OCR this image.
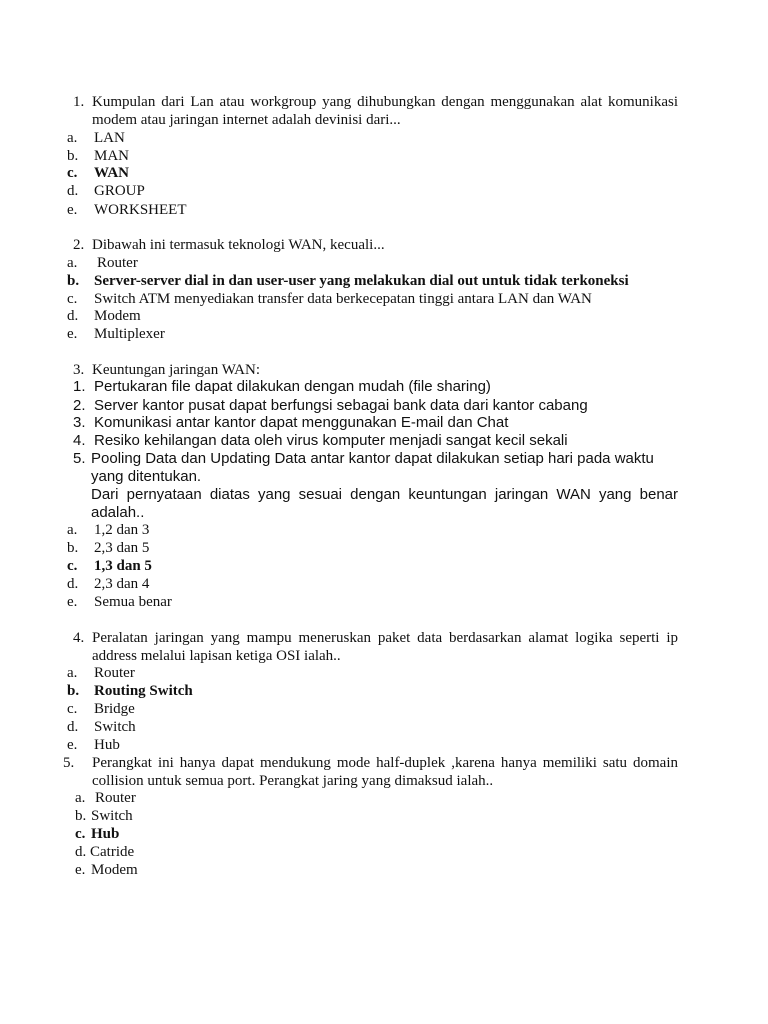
1. Kumpulan dari Lan atau workgroup yang dihubungkan dengan menggunakan alat komunikasi modem atau jaringan internet adalah devinisi dari...
a. LAN
b. MAN
c. WAN
d. GROUP
e. WORKSHEET
2. Dibawah ini termasuk teknologi WAN, kecuali...
a. Router
b. Server-server dial in dan user-user yang melakukan dial out untuk tidak terkoneksi
c. Switch ATM menyediakan transfer data berkecepatan tinggi antara LAN dan WAN
d. Modem
e. Multiplexer
3. Keuntungan jaringan WAN:
1. Pertukaran file dapat dilakukan dengan mudah (file sharing)
2. Server kantor pusat dapat berfungsi sebagai bank data dari kantor cabang
3. Komunikasi antar kantor dapat menggunakan E-mail dan Chat
4. Resiko kehilangan data oleh virus komputer menjadi sangat kecil sekali
5. Pooling Data dan Updating Data antar kantor dapat dilakukan setiap hari pada waktu yang ditentukan.
Dari pernyataan diatas yang sesuai dengan keuntungan jaringan WAN yang benar adalah..
a. 1,2 dan 3
b. 2,3 dan 5
c. 1,3 dan 5
d. 2,3 dan 4
e. Semua benar
4. Peralatan jaringan yang mampu meneruskan paket data berdasarkan alamat logika seperti ip address melalui lapisan ketiga OSI ialah..
a. Router
b. Routing Switch
c. Bridge
d. Switch
e. Hub
5. Perangkat ini hanya dapat mendukung mode half-duplek ,karena hanya memiliki satu domain collision untuk semua port. Perangkat jaring yang dimaksud ialah..
a. Router
b. Switch
c. Hub
d. Catride
e. Modem
